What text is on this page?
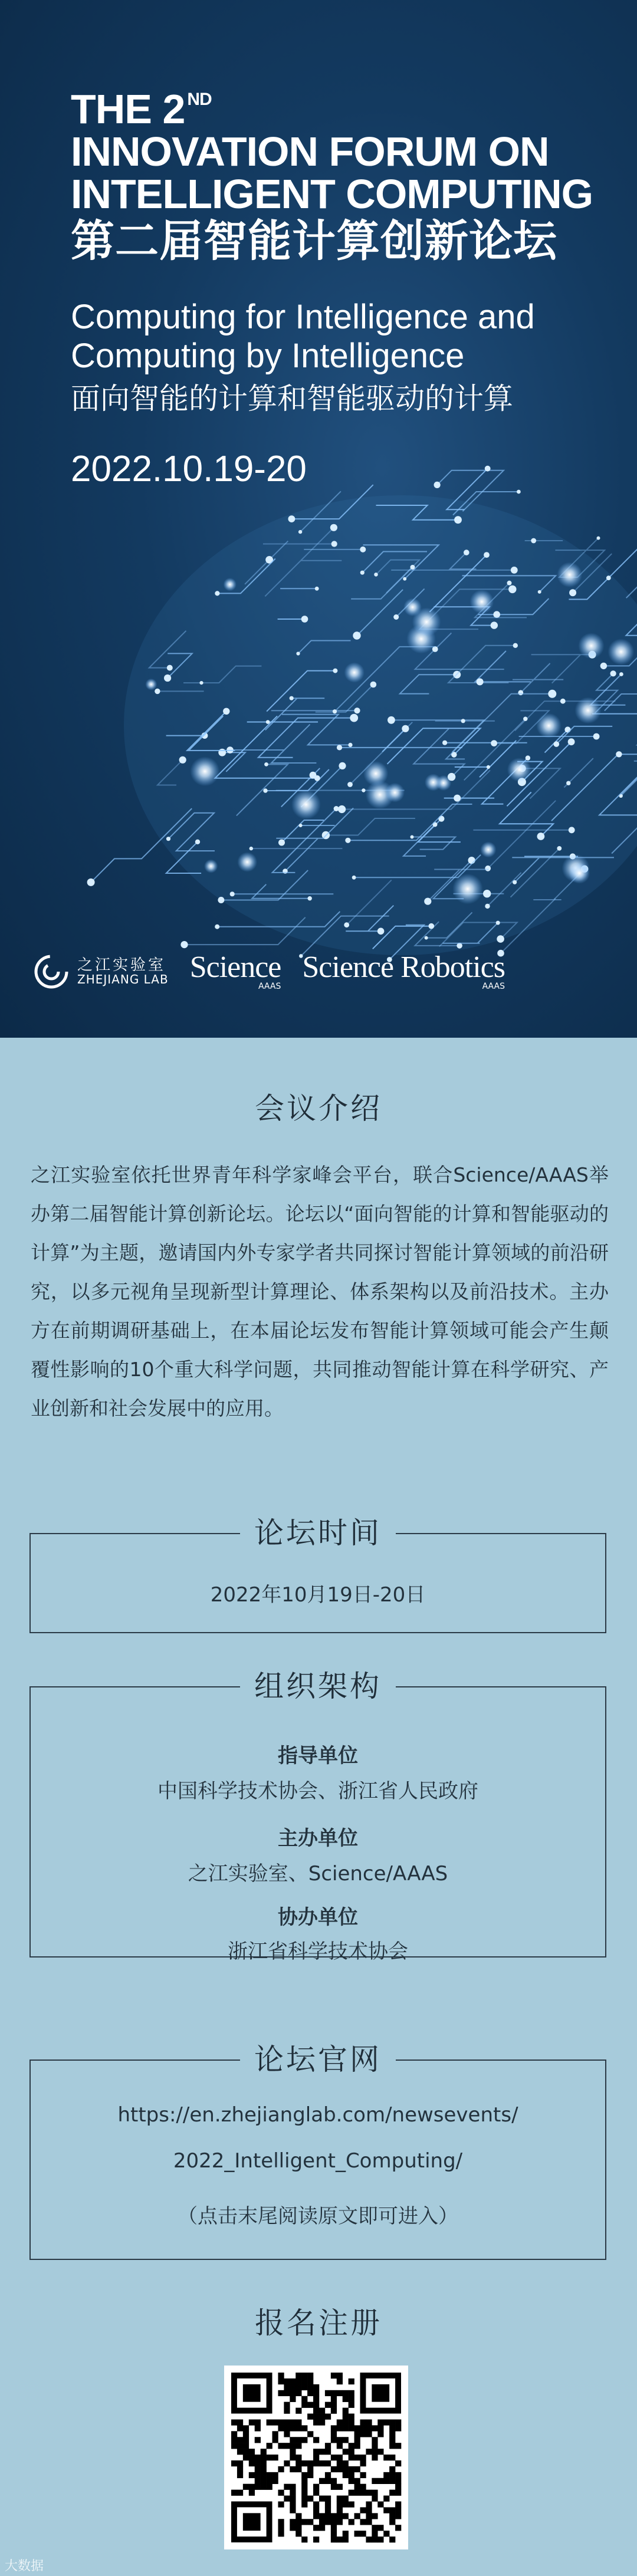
THE 2 $^{ND}$
INNOVATION FORUM ON
INTELLIGENT COMPUTING
第二届智能计算创新论坛
Computing for Intelligence and
Computing by Intelligence
面向智能的计算和智能驱动的计算
2022.10.19-20
之江实验室
ZHEJIANG LAB Science
AAAS
Science Robotics
AAAS
会议介绍
之江实验室依托世界青年科学家峰会平台，联合Science/AAAS举办第二届智能计算创新论坛。论坛以“面向智能的计算和智能驱动的计算”为主题，邀请国内外专家学者共同探讨智能计算领域的前沿研究，以多元视角呈现新型计算理论、体系架构以及前沿技术。主办方在前期调研基础上，在本届论坛发布智能计算领域可能会产生颠覆性影响的10个重大科学问题，共同推动智能计算在科学研究、产业创新和社会发展中的应用。
论坛时间
2022年10月19日-20日
组织架构
指导单位
中国科学技术协会、浙江省人民政府
主办单位
之江实验室、Science/AAAS
协办单位
浙江省科学技术协会
论坛官网
https://en.zhejianglab.com/newsevents/
2022_Intelligent_Computing/
（点击末尾阅读原文即可进入）
报名注册
大数据
